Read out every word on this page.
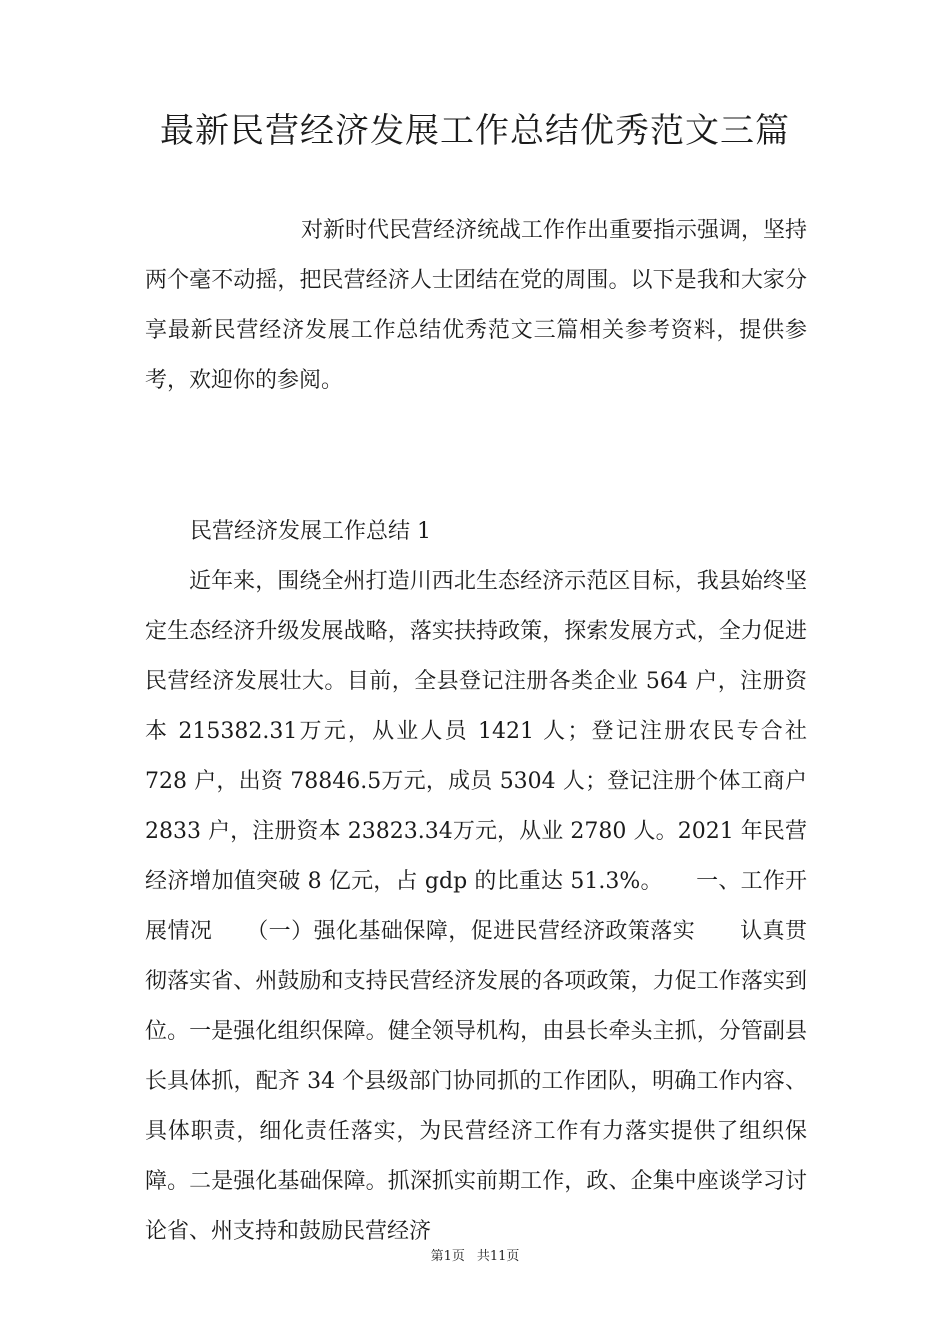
最新民营经济发展工作总结优秀范文三篇

对新时代民营经济统战工作作出重要指示强调，坚持两个毫不动摇，把民营经济人士团结在党的周围。以下是我和大家分享最新民营经济发展工作总结优秀范文三篇相关参考资料，提供参考，欢迎你的参阅。

民营经济发展工作总结 1

近年来，围绕全州打造川西北生态经济示范区目标，我县始终坚定生态经济升级发展战略，落实扶持政策，探索发展方式，全力促进民营经济发展壮大。目前，全县登记注册各类企业 564 户，注册资本 215382.31万元，从业人员 1421 人；登记注册农民专合社 728 户，出资 78846.5万元，成员 5304 人；登记注册个体工商户 2833 户，注册资本 23823.34万元，从业 2780 人。2021 年民营经济增加值突破 8 亿元，占 gdp 的比重达 51.3%。　　一、工作开展情况　　（一）强化基础保障，促进民营经济政策落实　　认真贯彻落实省、州鼓励和支持民营经济发展的各项政策，力促工作落实到位。一是强化组织保障。健全领导机构，由县长牵头主抓，分管副县长具体抓，配齐 34 个县级部门协同抓的工作团队，明确工作内容、具体职责，细化责任落实，为民营经济工作有力落实提供了组织保障。二是强化基础保障。抓深抓实前期工作，政、企集中座谈学习讨论省、州支持和鼓励民营经济

第1页 共11页
